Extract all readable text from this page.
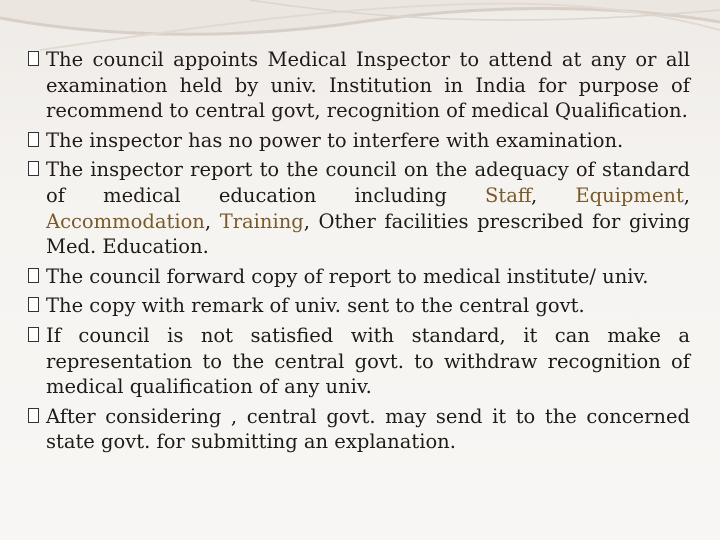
The council appoints Medical Inspector to attend at any or all examination held by univ. Institution in India for purpose of recommend to central govt, recognition of medical Qualification.
The inspector has no power to interfere with examination.
The inspector report to the council on the adequacy of standard of medical education including Staff, Equipment, Accommodation, Training, Other facilities prescribed for giving Med. Education.
The council forward copy of report to medical institute/ univ.
The copy with remark of univ. sent to the central govt.
If council is not satisfied with standard, it can make a representation to the central govt. to withdraw recognition of medical qualification of any univ.
After considering , central govt. may send it to the concerned state govt. for submitting an explanation.
